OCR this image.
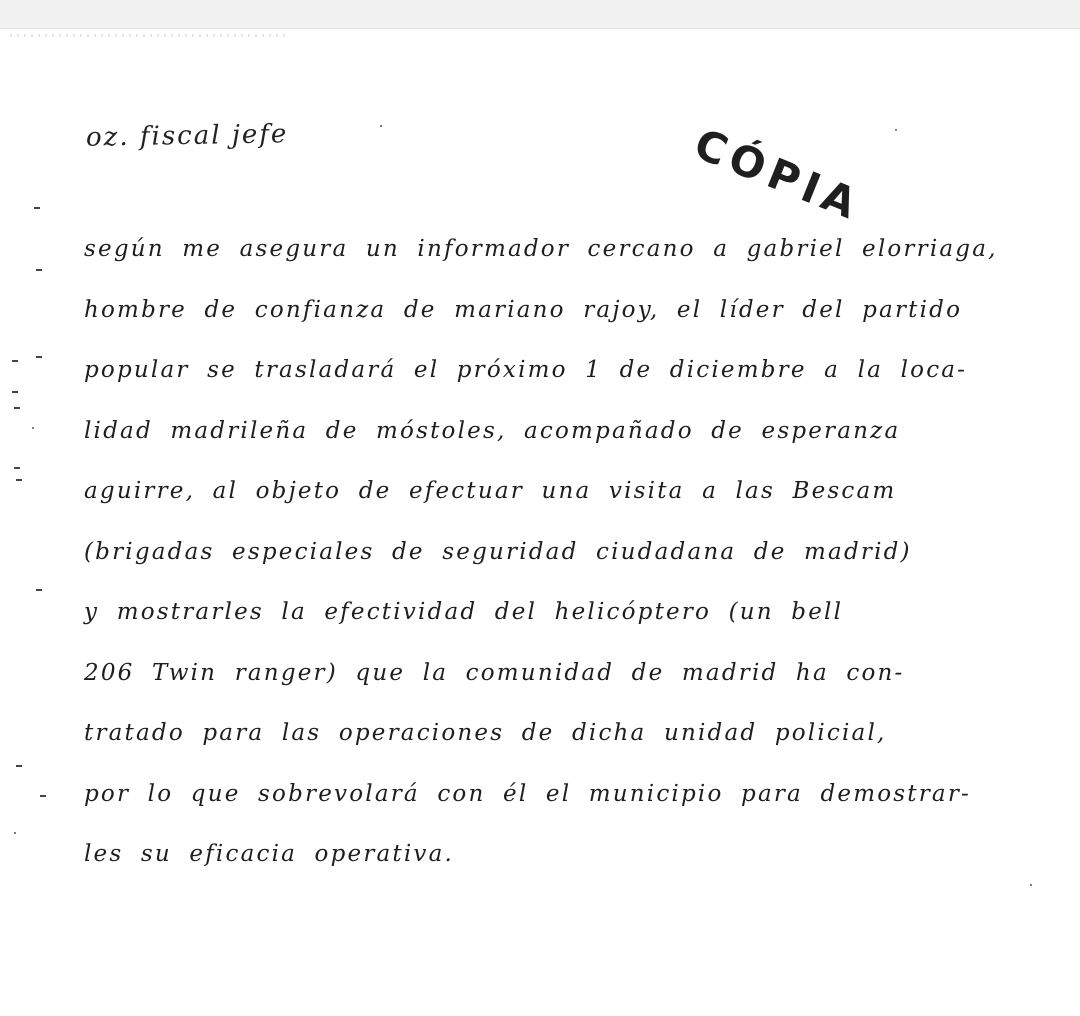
oz. fiscal jefe	CÓPIA
según me asegura un informador cercano a gabriel elorriaga,
hombre de confianza de mariano rajoy, el líder del partido
popular se trasladará el próximo 1 de diciembre a la loca-
lidad madrileña de móstoles, acompañado de esperanza
aguirre, al objeto de efectuar una visita a las Bescam
(brigadas especiales de seguridad ciudadana de madrid)
y mostrarles la efectividad del helicóptero (un bell
206 Twin ranger) que la comunidad de madrid ha con-
tratado para las operaciones de dicha unidad policial,
por lo que sobrevolará con él el municipio para demostrar-
les su eficacia operativa.
